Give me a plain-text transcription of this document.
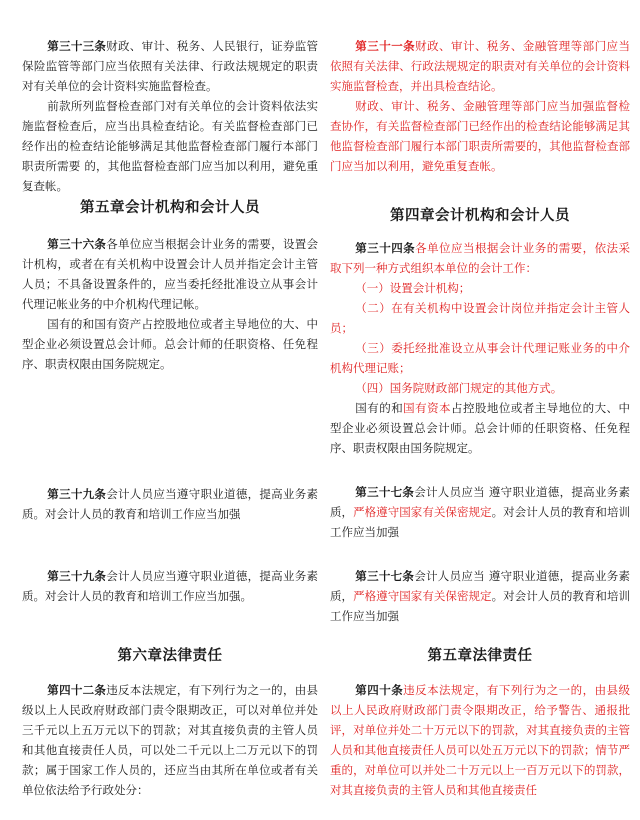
第三十三条财政、审计、税务、人民银行，证券监管保险监管等部门应当依照有关法律、行政法规规定的职责对有关单位的会计资料实施监督检查。

前款所列监督检查部门对有关单位的会计资料依法实施监督检查后，应当出具检查结论。有关监督检查部门已经作出的检查结论能够满足其他监督检查部门履行本部门职责所需要 的，其他监督检查部门应当加以利用，避免重复查帐。

第五章会计机构和会计人员

第三十六条各单位应当根据会计业务的需要，设置会计机构，或者在有关机构中设置会计人员并指定会计主管人员；不具备设置条件的，应当委托经批准设立从事会计代理记帐业务的中介机构代理记帐。

国有的和国有资产占控股地位或者主导地位的大、中型企业必须设置总会计师。总会计师的任职资格、任免程序、职责权限由国务院规定。

第三十九条会计人员应当遵守职业道德，提高业务素 质。对会计人员的教育和培训工作应当加强

第三十九条会计人员应当遵守职业道德，提高业务素 质。对会计人员的教育和培训工作应当加强。

第六章法律责任

第四十二条违反本法规定，有下列行为之一的，由县 级以上人民政府财政部门责令限期改正，可以对单位并处三千元以上五万元以下的罚款；对其直接负责的主管人员和其他直接责任人员，可以处二千元以上二万元以下的罚款；属于国家工作人员的，还应当由其所在单位或者有关单位依法给予行政处分：

第三十一条财政、审计、税务、金融管理等部门应当依照有关法律、行政法规规定的职责对有关单位的会计资料实施监督检查，并出具检查结论。

财政、审计、税务、金融管理等部门应当加强监督检查协作，有关监督检查部门已经作出的检查结论能够满足其他监督检查部门履行本部门职责所需要的，其他监督检查部门应当加以利用，避免重复查帐。

第四章会计机构和会计人员

第三十四条各单位应当根据会计业务的需要，依法采取下列一种方式组织本单位的会计工作：

（一）设置会计机构；

（二）在有关机构中设置会计岗位并指定会计主管人员；

（三）委托经批准设立从事会计代理记账业务的中介机构代理记账；

（四）国务院财政部门规定的其他方式。

国有的和国有资本占控股地位或者主导地位的大、中型企业必须设置总会计师。总会计师的任职资格、任免程序、职责权限由国务院规定。

第三十七条会计人员应当 遵守职业道德，提高业务素质，严格遵守国家有关保密规定。对会计人员的教育和培训工作应当加强

第三十七条会计人员应当 遵守职业道德，提高业务素质，严格遵守国家有关保密规定。对会计人员的教育和培训工作应当加强

第五章法律责任

第四十条违反本法规定，有下列行为之一的，由县级以上人民政府财政部门责令限期改正，给予警告、通报批评，对单位并处二十万元以下的罚款，对其直接负责的主管人员和其他直接责任人员可以处五万元以下的罚款；情节严重的，对单位可以并处二十万元以上一百万元以下的罚款，对其直接负责的主管人员和其他直接责任
